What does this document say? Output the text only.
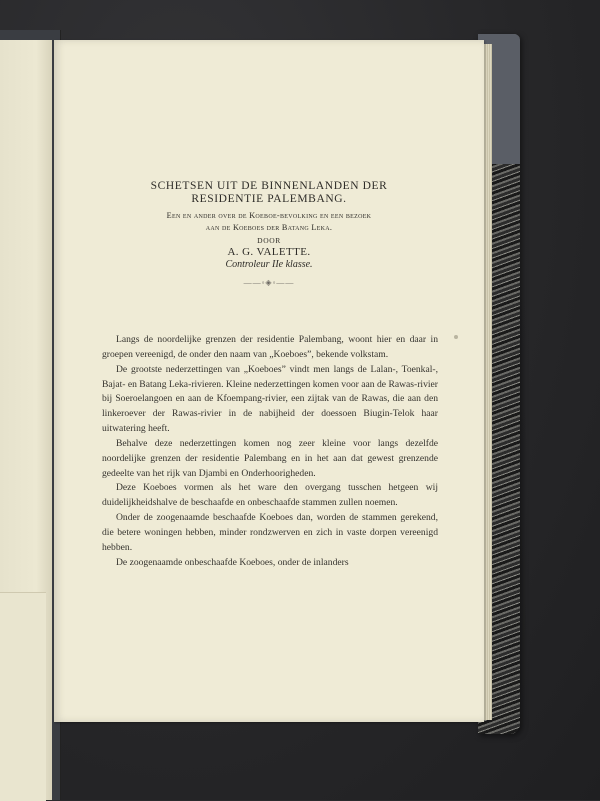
SCHETSEN UIT DE BINNENLANDEN DER

RESIDENTIE PALEMBANG.

Een en ander over de Koeboe-bevolking en een bezoek

aan de Koeboes der Batang Leka.

DOOR

A. G. VALETTE.

Controleur IIe klasse.

——◦◈◦——

Langs de noordelijke grenzen der residentie Palembang, woont hier en daar in groepen vereenigd, de onder den naam van „Koeboes”, bekende volkstam.

De grootste nederzettingen van „Koeboes” vindt men langs de Lalan-, Toenkal-, Bajat- en Batang Leka-rivieren. Kleine nederzettingen komen voor aan de Rawas-rivier bij Soeroelangoen en aan de Kfoempang-rivier, een zijtak van de Rawas, die aan den linkeroever der Rawas-rivier in de nabijheid der doessoen Biugin-Telok haar uitwatering heeft.

Behalve deze nederzettingen komen nog zeer kleine voor langs dezelfde noordelijke grenzen der residentie Palembang en in het aan dat gewest grenzende gedeelte van het rijk van Djambi en Onderhoorigheden.

Deze Koeboes vormen als het ware den overgang tusschen hetgeen wij duidelijkheidshalve de beschaafde en onbeschaafde stammen zullen noemen.

Onder de zoogenaamde beschaafde Koeboes dan, worden de stammen gerekend, die betere woningen hebben, minder rondzwerven en zich in vaste dorpen vereenigd hebben.

De zoogenaamde onbeschaafde Koeboes, onder de inlanders
